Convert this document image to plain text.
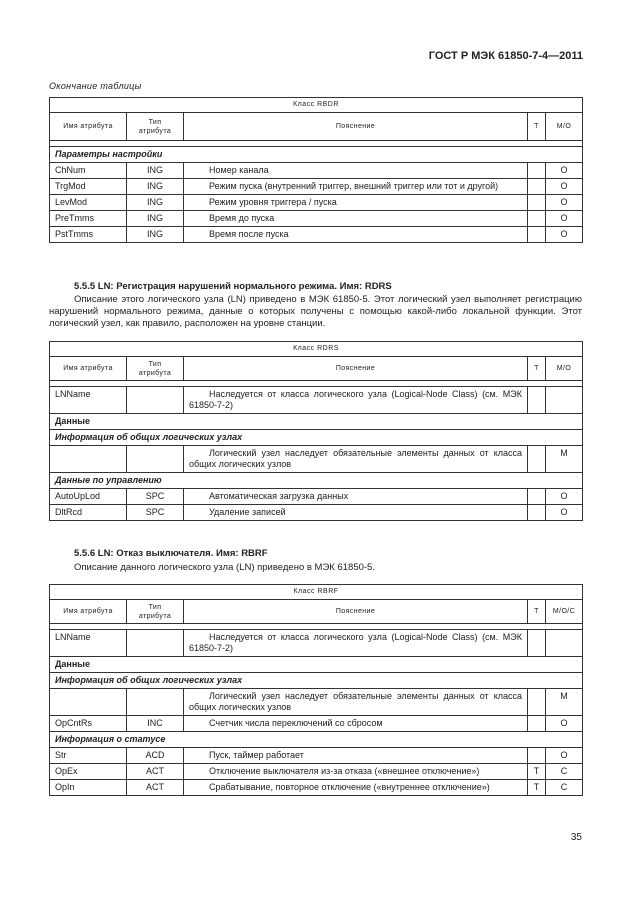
ГОСТ Р МЭК 61850-7-4—2011
Окончание таблицы
Класс RBDR				
Имя атрибута	Тип атрибута	Пояснение	Т	М/О

Параметры настройки				
ChNum	ING	Номер канала		O
TrgMod	ING	Режим пуска (внутренний триггер, внешний триггер или тот и другой)		O
LevMod	ING	Режим уровня триггера / пуска		O
PreTmms	ING	Время до пуска		O
PstTmms	ING	Время после пуска		O
5.5.5 LN: Регистрация нарушений нормального режима. Имя: RDRS
Описание этого логического узла (LN) приведено в МЭК 61850-5. Этот логический узел выполняет регистрацию нарушений нормального режима, данные о которых получены с помощью какой-либо локальной функции. Этот логический узел, как правило, расположен на уровне станции.
Класс RDRS				
Имя атрибута	Тип атрибута	Пояснение	Т	М/О

LNName		Наследуется от класса логического узла (Logical-Node Class) (см. МЭК 61850-7-2)		
Данные				
Информация об общих логических узлах				
		Логический узел наследует обязательные элементы данных от класса общих логических узлов		M
Данные по управлению				
AutoUpLod	SPC	Автоматическая загрузка данных		O
DltRcd	SPC	Удаление записей		O
5.5.6 LN: Отказ выключателя. Имя: RBRF
Описание данного логического узла (LN) приведено в МЭК 61850-5.
Класс RBRF				
Имя атрибута	Тип атрибута	Пояснение	Т	М/О/С

LNName		Наследуется от класса логического узла (Logical-Node Class) (см. МЭК 61850-7-2)		
Данные				
Информация об общих логических узлах				
		Логический узел наследует обязательные элементы данных от класса общих логических узлов		M
OpCntRs	INC	Счетчик числа переключений со сбросом		O
Информация о статусе				
Str	ACD	Пуск, таймер работает		O
OpEx	ACT	Отключение выключателя из-за отказа («внешнее отключение»)	T	C
OpIn	ACT	Срабатывание, повторное отключение («внутреннее отключение»)	T	C
35
